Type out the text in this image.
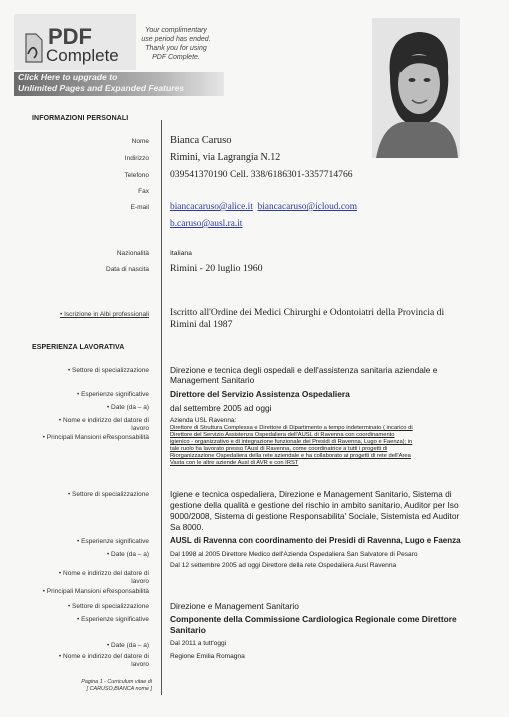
PDF
Complete
Your complimentary
use period has ended.
Thank you for using
PDF Complete.
Click Here to upgrade to
Unlimited Pages and Expanded Features
INFORMAZIONI PERSONALI
Nome Bianca Caruso
Indirizzo Rimini, via Lagrangia N.12
Telefono 039541370190 Cell. 338/6186301-3357714766
Fax
E-mail biancacaruso@alice.it biancacaruso@icloud.com
b.caruso@ausl.ra.it
Nazionalità	Italiana
Data di nascita Rimini - 20 luglio 1960
• Iscrizione in Albi professionali Iscritto all'Ordine dei Medici Chirurghi e Odontoiatri della Provincia di
Rimini dal 1987
ESPERIENZA LAVORATIVA
• Settore di specializzazione	Direzione e tecnica degli ospedali e dell'assistenza sanitaria aziendale e
Management Sanitario
• Esperienze significative	Direttore del Servizio Assistenza Ospedaliera
• Date (da – a)	dal settembre 2005 ad oggi
• Nome e indirizzo del datore di
lavoro
• Principali Mansioni eResponsabilità
Azienda USL Ravenna:
Direttore di Struttura Complessa e Direttore di Dipartimento a tempo indeterminato ( incarico di
Direttore del Servizio Assistenza Ospedaliera dell'AUSL di Ravenna con coordinamento
igienico - organizzativo e di integrazione funzionale dei Presidi di Ravenna, Lugo e Faenza); in
tale ruolo ha lavorato presso l'Ausl di Ravenna, come coordinatrice a tutti i progetti di
Riorganizzazione Ospedaliera della rete aziendale e ha collaborato ai progetti di rete dell'Area
Vasta con le altre aziende Ausl di AVR e con IRST
• Settore di specializzazione	Igiene e tecnica ospedaliera, Direzione e Management Sanitario, Sistema di
gestione della qualità e gestione del rischio in ambito sanitario, Auditor per Iso
9000/2008, Sistema di gestione Responsabilita' Sociale, Sistemista ed Auditor
Sa 8000.
• Esperienze significative	AUSL di Ravenna con coordinamento dei Presidi di Ravenna, Lugo e Faenza
• Date (da – a)	Dal 1998 al 2005 Direttore Medico dell'Azienda Ospedaliera San Salvatore di Pesaro
Dal 12 settembre 2005 ad oggi Direttore della rete Ospedaliera Ausl Ravenna
• Nome e indirizzo del datore di
lavoro
• Principali Mansioni eResponsabilità
• Settore di specializzazione	Direzione e Management Sanitario
• Esperienze significative	Componente della Commissione Cardiologica Regionale come Direttore
Sanitario
• Date (da – a)	Dal 2011 a tutt'oggi
• Nome e indirizzo del datore di
lavoro
Regione Emilia Romagna
Pagina 1 - Curriculum vitae di
[ CARUSO,BIANCA nome ]
